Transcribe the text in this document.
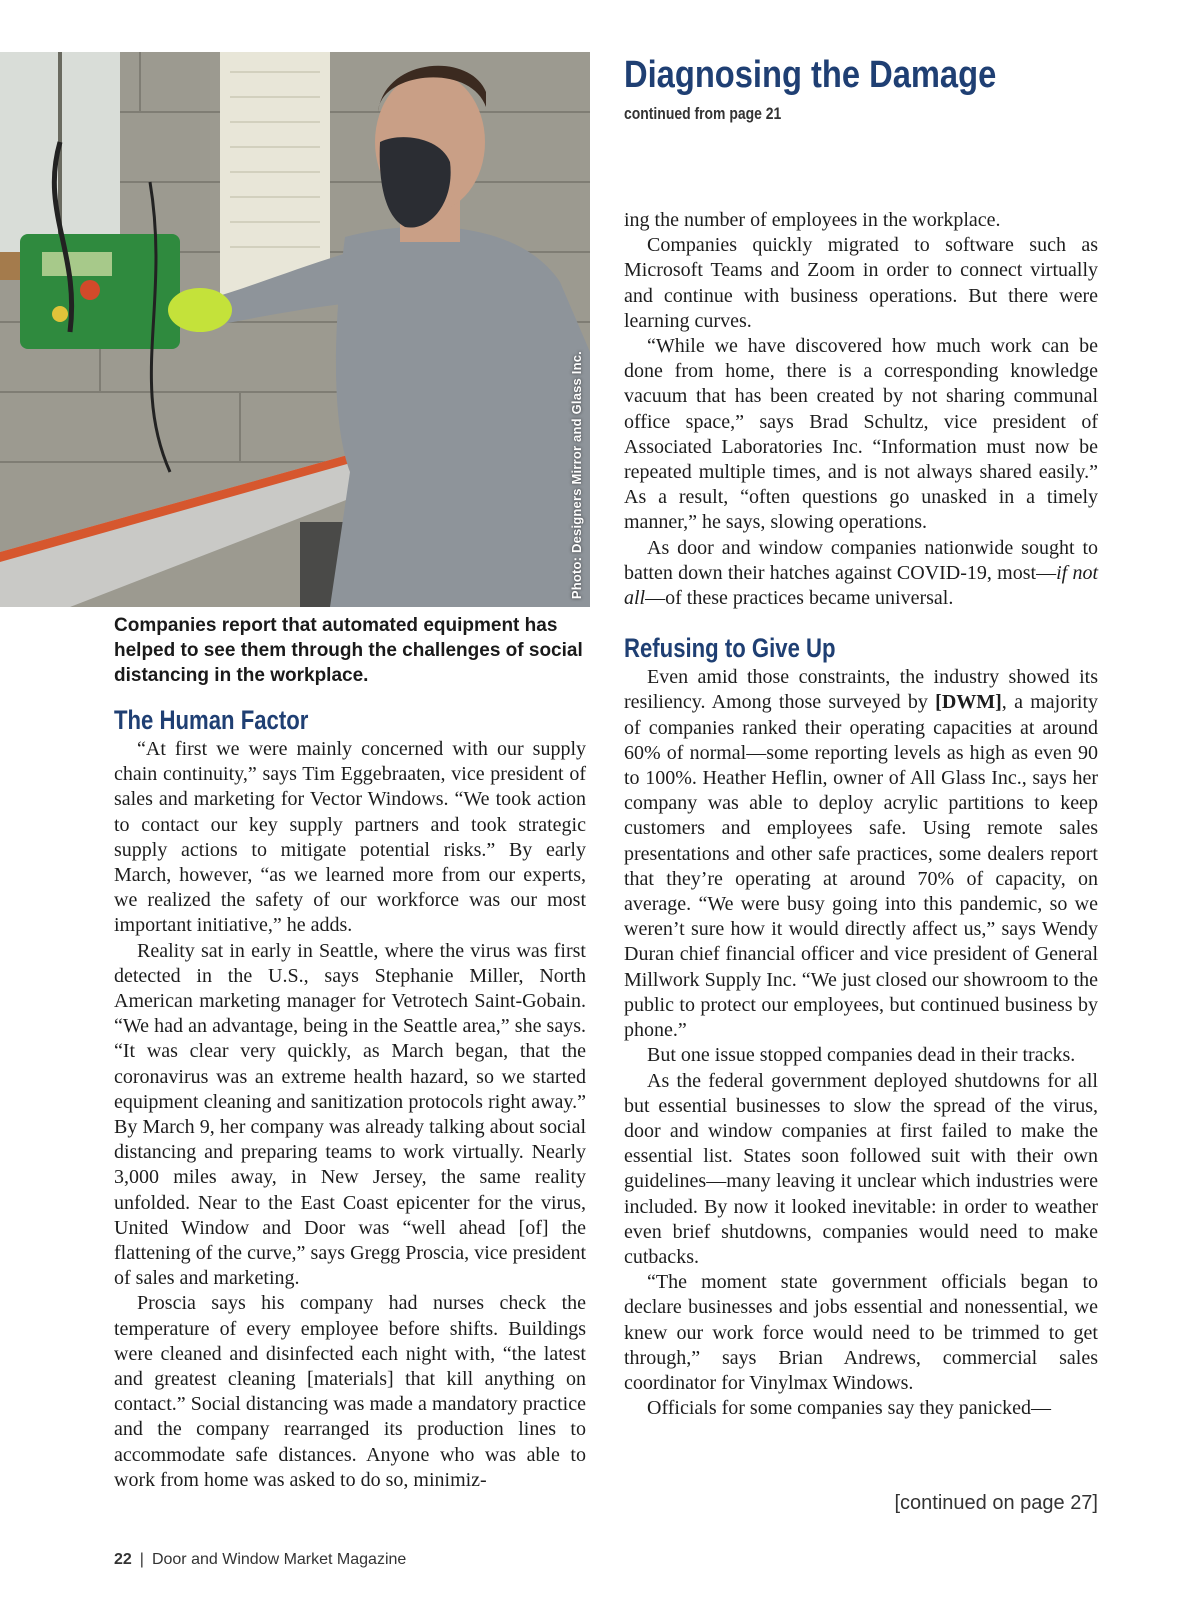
Photo: Designers Mirror and Glass Inc.
Companies report that automated equipment has helped to see them through the challenges of social distancing in the workplace.
Diagnosing the Damage
continued from page 21
The Human Factor

“At first we were mainly concerned with our supply chain continuity,” says Tim Eggebraaten, vice president of sales and marketing for Vector Windows. “We took action to contact our key supply partners and took strategic supply actions to mitigate potential risks.” By early March, however, “as we learned more from our experts, we realized the safety of our workforce was our most important initiative,” he adds.

Reality sat in early in Seattle, where the virus was first detected in the U.S., says Stephanie Miller, North American marketing manager for Vetrotech Saint-Gobain. “We had an advantage, being in the Seattle area,” she says. “It was clear very quickly, as March began, that the coronavirus was an extreme health hazard, so we started equipment cleaning and sanitization protocols right away.” By March 9, her company was already talking about social distancing and preparing teams to work virtually. Nearly 3,000 miles away, in New Jersey, the same reality unfolded. Near to the East Coast epicenter for the virus, United Window and Door was “well ahead [of] the flattening of the curve,” says Gregg Proscia, vice president of sales and marketing.

Proscia says his company had nurses check the temperature of every employee before shifts. Buildings were cleaned and disinfected each night with, “the latest and greatest cleaning [materials] that kill anything on contact.” Social distancing was made a mandatory practice and the company rearranged its production lines to accommodate safe distances. Anyone who was able to work from home was asked to do so, minimiz-

ing the number of employees in the workplace.

Companies quickly migrated to software such as Microsoft Teams and Zoom in order to connect virtually and continue with business operations. But there were learning curves.

“While we have discovered how much work can be done from home, there is a corresponding knowledge vacuum that has been created by not sharing communal office space,” says Brad Schultz, vice president of Associated Laboratories Inc. “Information must now be repeated multiple times, and is not always shared easily.” As a result, “often questions go unasked in a timely manner,” he says, slowing operations.

As door and window companies nationwide sought to batten down their hatches against COVID-19, most—if not all—of these practices became universal.

Refusing to Give Up

Even amid those constraints, the industry showed its resiliency. Among those surveyed by [DWM], a majority of companies ranked their operating capacities at around 60% of normal—some reporting levels as high as even 90 to 100%. Heather Heflin, owner of All Glass Inc., says her company was able to deploy acrylic partitions to keep customers and employees safe. Using remote sales presentations and other safe practices, some dealers report that they’re operating at around 70% of capacity, on average. “We were busy going into this pandemic, so we weren’t sure how it would directly affect us,” says Wendy Duran chief financial officer and vice president of General Millwork Supply Inc. “We just closed our showroom to the public to protect our employees, but continued business by phone.”

But one issue stopped companies dead in their tracks.

As the federal government deployed shutdowns for all but essential businesses to slow the spread of the virus, door and window companies at first failed to make the essential list. States soon followed suit with their own guidelines—many leaving it unclear which industries were included. By now it looked inevitable: in order to weather even brief shutdowns, companies would need to make cutbacks.

“The moment state government officials began to declare businesses and jobs essential and nonessential, we knew our work force would need to be trimmed to get through,” says Brian Andrews, commercial sales coordinator for Vinylmax Windows.

Officials for some companies say they panicked—

[continued on page 27]
22 | Door and Window Market Magazine
